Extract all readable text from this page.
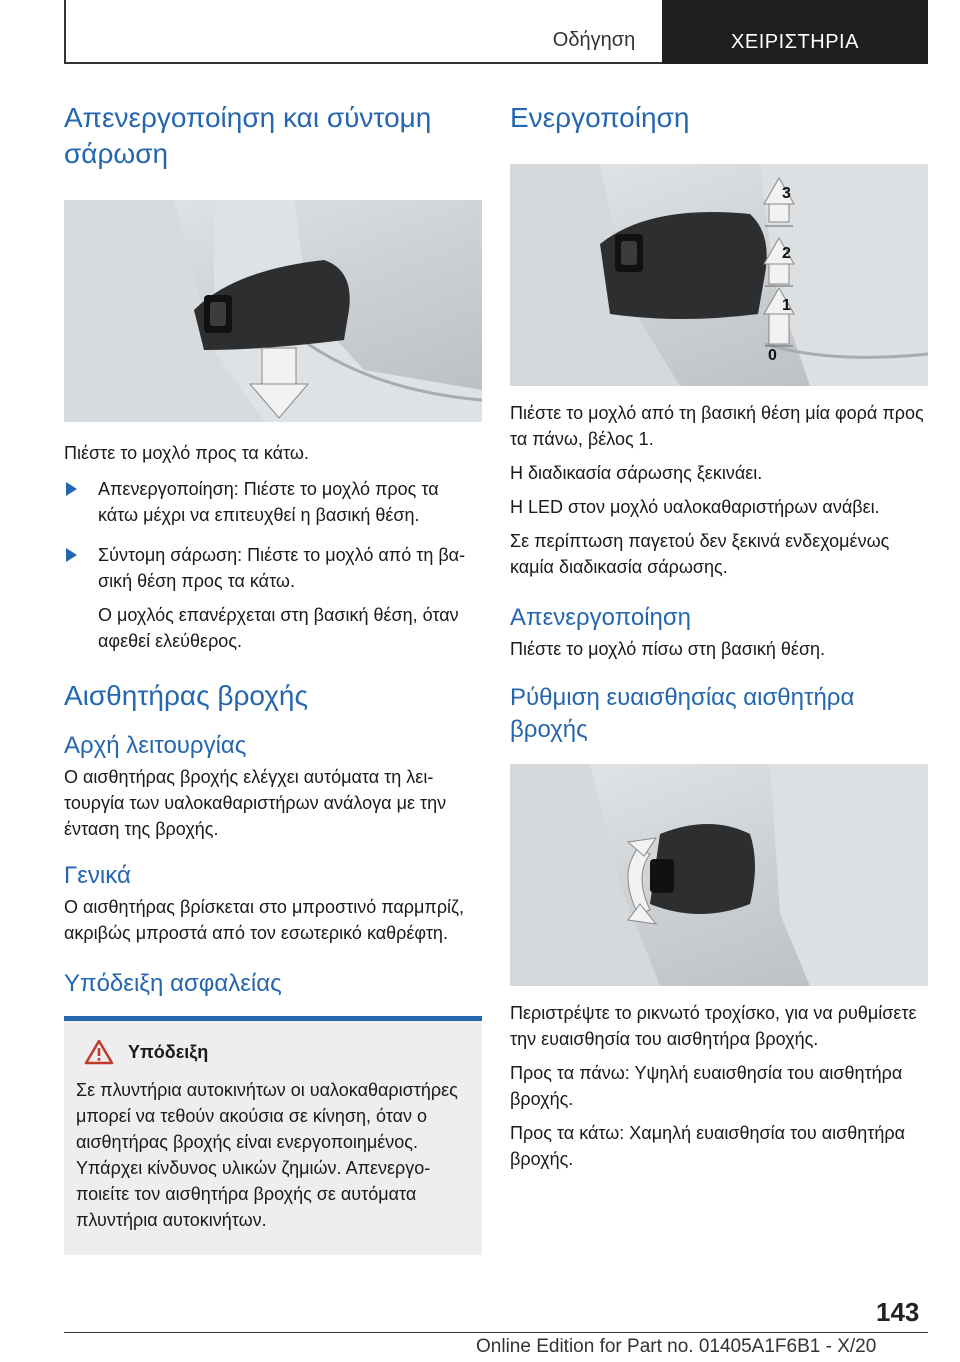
Οδήγηση	ΧΕΙΡΙΣΤΗΡΙΑ
Απενεργοποίηση και σύντομη σάρωση

Πιέστε το μοχλό προς τα κάτω.

Απενεργοποίηση: Πιέστε το μοχλό προς τα κάτω μέχρι να επιτευχθεί η βασική θέση.

Σύντομη σάρωση: Πιέστε το μοχλό από τη βασική θέση προς τα κάτω.

Ο μοχλός επανέρχεται στη βασική θέση, όταν αφεθεί ελεύθερος.

Αισθητήρας βροχής
Αρχή λειτουργίας

Ο αισθητήρας βροχής ελέγχει αυτόματα τη λειτουργία των υαλοκαθαριστήρων ανάλογα με την ένταση της βροχής.

Γενικά

Ο αισθητήρας βρίσκεται στο μπροστινό παρμπρίζ, ακριβώς μπροστά από τον εσωτερικό καθρέφτη.

Υπόδειξη ασφαλείας
Υπόδειξη

Σε πλυντήρια αυτοκινήτων οι υαλοκαθαριστήρες μπορεί να τεθούν ακούσια σε κίνηση, όταν ο αισθητήρας βροχής είναι ενεργοποιημένος. Υπάρχει κίνδυνος υλικών ζημιών. Απενεργοποιείτε τον αισθητήρα βροχής σε αυτόματα πλυντήρια αυτοκινήτων.

Ενεργοποίηση
3
2
1
0

Πιέστε το μοχλό από τη βασική θέση μία φορά προς τα πάνω, βέλος 1.

Η διαδικασία σάρωσης ξεκινάει.

Η LED στον μοχλό υαλοκαθαριστήρων ανάβει.

Σε περίπτωση παγετού δεν ξεκινά ενδεχομένως καμία διαδικασία σάρωσης.

Απενεργοποίηση

Πιέστε το μοχλό πίσω στη βασική θέση.

Ρύθμιση ευαισθησίας αισθητήρα βροχής

Περιστρέψτε το ρικνωτό τροχίσκο, για να ρυθμίσετε την ευαισθησία του αισθητήρα βροχής.

Προς τα πάνω: Υψηλή ευαισθησία του αισθητήρα βροχής.

Προς τα κάτω: Χαμηλή ευαισθησία του αισθητήρα βροχής.

143
Online Edition for Part no. 01405A1F6B1 - X/20
